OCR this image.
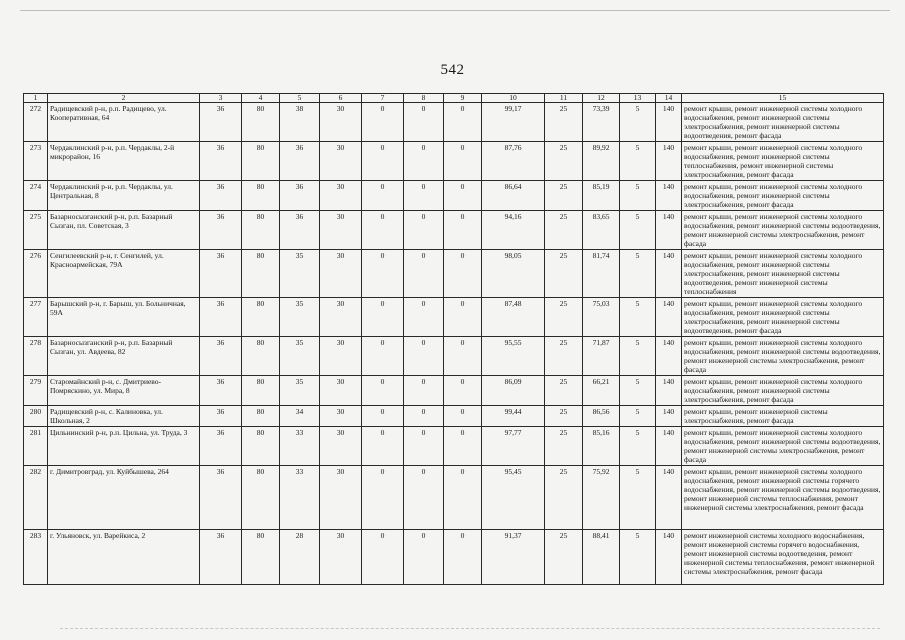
542
1	2	3	4	5	6	7	8	9	10	11	12	13	14	15
272	Радищевский р-н, р.п. Радищево, ул. Кооперативная, 64	36	80	38	30	0	0	0	99,17	25	73,39	5	140	ремонт крыши, ремонт инженерной системы холодного водоснабжения, ремонт инженерной системы электроснабжения, ремонт инженерной системы водоотведения, ремонт фасада
273	Чердаклинский р-н, р.п. Чердаклы, 2-й микрорайон, 16	36	80	36	30	0	0	0	87,76	25	89,92	5	140	ремонт крыши, ремонт инженерной системы холодного водоснабжения, ремонт инженерной системы теплоснабжения, ремонт инженерной системы электроснабжения, ремонт фасада
274	Чердаклинский р-н, р.п. Чердаклы, ул. Центральная, 8	36	80	36	30	0	0	0	86,64	25	85,19	5	140	ремонт крыши, ремонт инженерной системы холодного водоснабжения, ремонт инженерной системы электроснабжения, ремонт фасада
275	Базарносызганский р-н, р.п. Базарный Сызган, пл. Советская, 3	36	80	36	30	0	0	0	94,16	25	83,65	5	140	ремонт крыши, ремонт инженерной системы холодного водоснабжения, ремонт инженерной системы водоотведения, ремонт инженерной системы электроснабжения, ремонт фасада
276	Сенгилеевский р-н, г. Сенгилей, ул. Красноармейская, 79А	36	80	35	30	0	0	0	98,05	25	81,74	5	140	ремонт крыши, ремонт инженерной системы холодного водоснабжения, ремонт инженерной системы электроснабжения, ремонт инженерной системы водоотведения, ремонт инженерной системы теплоснабжения
277	Барышский р-н, г. Барыш, ул. Больничная, 59А	36	80	35	30	0	0	0	87,48	25	75,03	5	140	ремонт крыши, ремонт инженерной системы холодного водоснабжения, ремонт инженерной системы электроснабжения, ремонт инженерной системы водоотведения, ремонт фасада
278	Базарносызганский р-н, р.п. Базарный Сызган, ул. Авдеева, 82	36	80	35	30	0	0	0	95,55	25	71,87	5	140	ремонт крыши, ремонт инженерной системы холодного водоснабжения, ремонт инженерной системы водоотведения, ремонт инженерной системы электроснабжения, ремонт фасада
279	Старомайнский р-н, с. Дмитриево-Помряскино, ул. Мира, 8	36	80	35	30	0	0	0	86,09	25	66,21	5	140	ремонт крыши, ремонт инженерной системы холодного водоснабжения, ремонт инженерной системы электроснабжения, ремонт фасада
280	Радищевский р-н, с. Калиновка, ул. Школьная, 2	36	80	34	30	0	0	0	99,44	25	86,56	5	140	ремонт крыши, ремонт инженерной системы электроснабжения, ремонт фасада
281	Цильнинский р-н, р.п. Цильна, ул. Труда, 3	36	80	33	30	0	0	0	97,77	25	85,16	5	140	ремонт крыши, ремонт инженерной системы холодного водоснабжения, ремонт инженерной системы водоотведения, ремонт инженерной системы электроснабжения, ремонт фасада
282	г. Димитровград, ул. Куйбышева, 264	36	80	33	30	0	0	0	95,45	25	75,92	5	140	ремонт крыши, ремонт инженерной системы холодного водоснабжения, ремонт инженерной системы горячего водоснабжения, ремонт инженерной системы водоотведения, ремонт инженерной системы теплоснабжения, ремонт инженерной системы электроснабжения, ремонт фасада
283	г. Ульяновск, ул. Варейкиса, 2	36	80	28	30	0	0	0	91,37	25	88,41	5	140	ремонт инженерной системы холодного водоснабжения, ремонт инженерной системы горячего водоснабжения, ремонт инженерной системы водоотведения, ремонт инженерной системы теплоснабжения, ремонт инженерной системы электроснабжения, ремонт фасада
